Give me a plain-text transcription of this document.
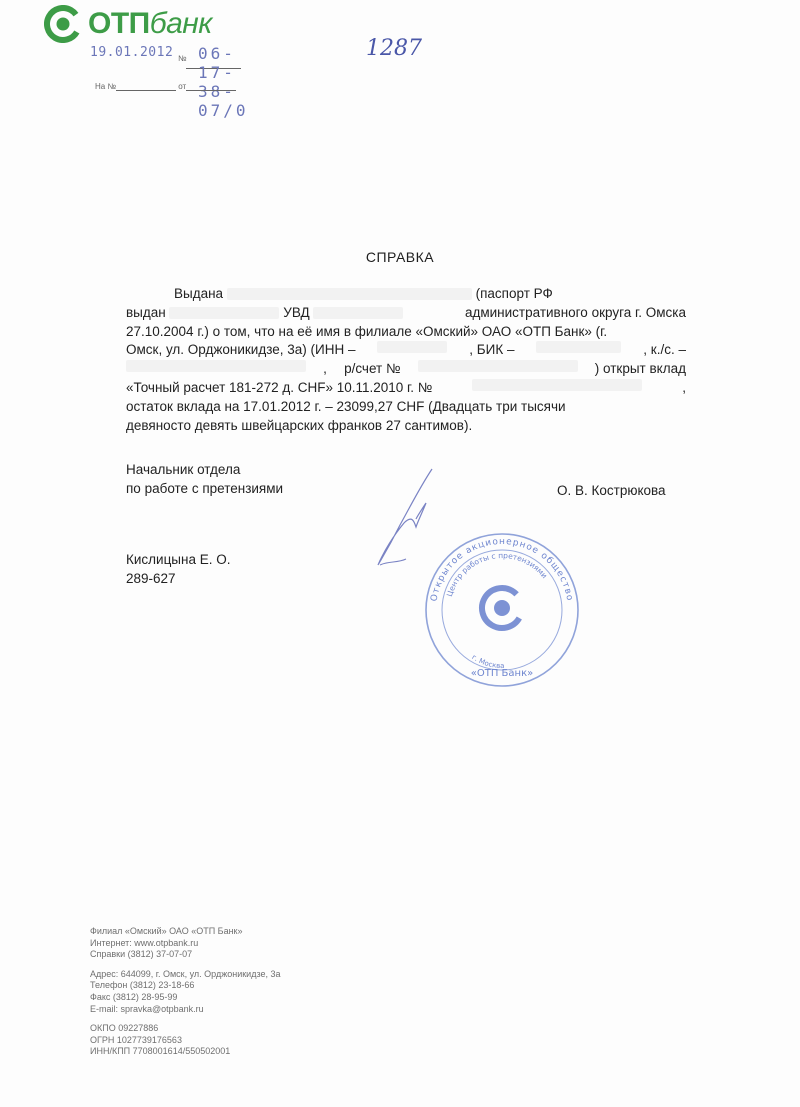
ОТПбанк
19.01.2012 № 06-17-38-07/0
1287
На №	от
СПРАВКА

Выдана	(паспорт РФ

выдан	УВД	административного округа г. Омска

27.10.2004 г.) о том, что на её имя в филиале «Омский» ОАО «ОТП Банк» (г.

Омск, ул. Орджоникидзе, 3а) (ИНН –	, БИК –	, к./с. –

, р/счет №	) открыт вклад

«Точный расчет 181-272 д. CHF» 10.11.2010 г. №	,

остаток вклада на 17.01.2012 г. – 23099,27 CHF (Двадцать три тысячи

девяносто девять швейцарских франков 27 сантимов).

Начальник отдела
по работе с претензиями	О. В. Кострюкова
Кислицына Е. О.
289-627
Открытое акционерное общество
Центр работы с претензиями
г. Москва
«ОТП Банк»
Филиал «Омский» ОАО «ОТП Банк»
Интернет: www.otpbank.ru
Справки (3812) 37-07-07
Адрес: 644099, г. Омск, ул. Орджоникидзе, 3а
Телефон (3812) 23-18-66
Факс (3812) 28-95-99
E-mail: spravka@otpbank.ru
ОКПО 09227886
ОГРН 1027739176563
ИНН/КПП 7708001614/550502001
